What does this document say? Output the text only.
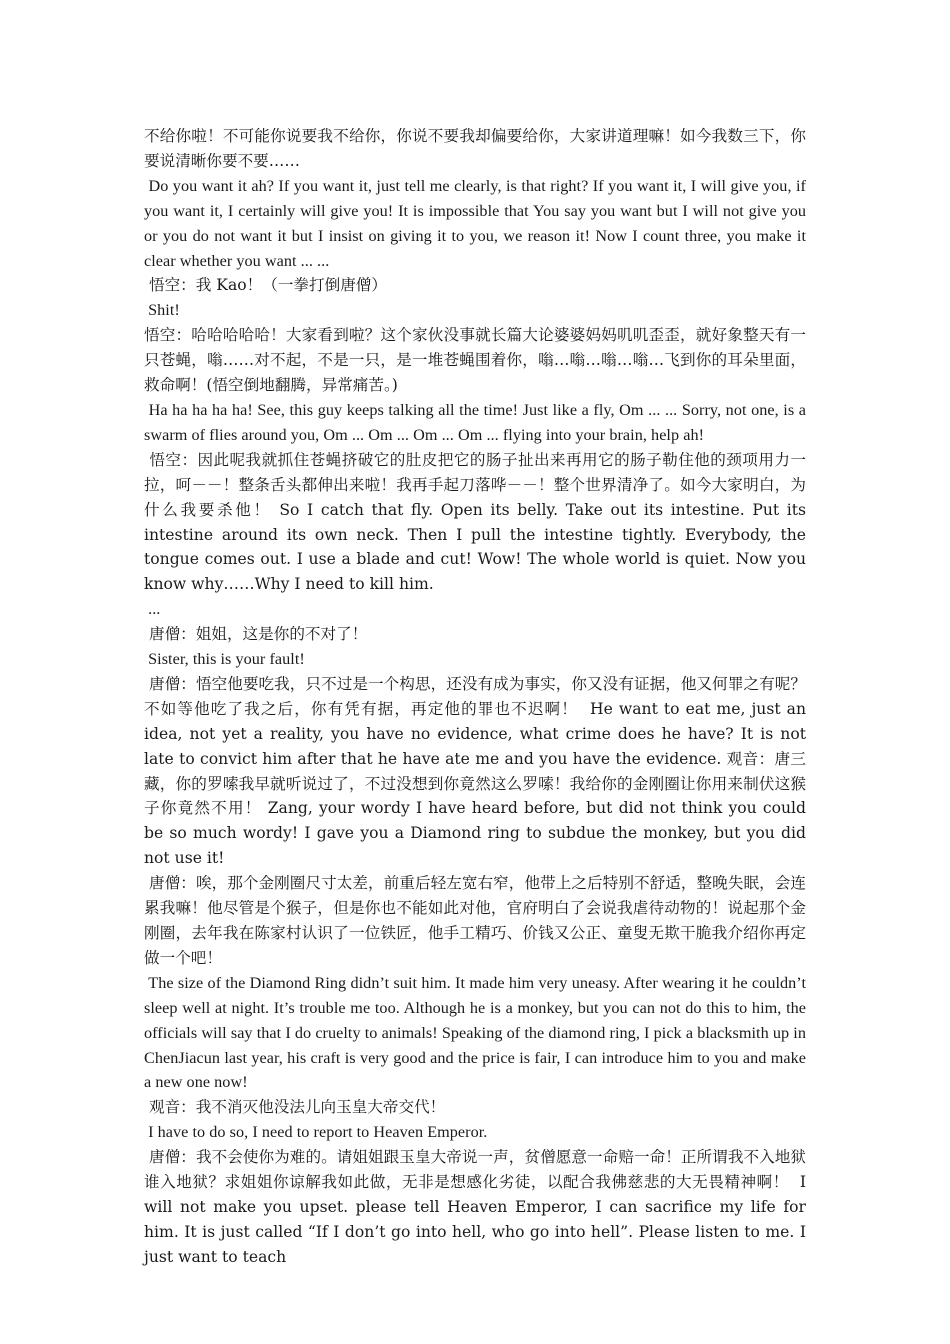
不给你啦！不可能你说要我不给你，你说不要我却偏要给你，大家讲道理嘛！如今我数三下，你要说清晰你要不要……

Do you want it ah? If you want it, just tell me clearly, is that right? If you want it, I will give you, if you want it, I certainly will give you! It is impossible that You say you want but I will not give you or you do not want it but I insist on giving it to you, we reason it! Now I count three, you make it clear whether you want ... ...

悟空：我 Kao！（一拳打倒唐僧）

Shit!

悟空：哈哈哈哈哈！大家看到啦？这个家伙没事就长篇大论婆婆妈妈叽叽歪歪，就好象整天有一只苍蝇，嗡……对不起，不是一只，是一堆苍蝇围着你，嗡…嗡…嗡…嗡…飞到你的耳朵里面，救命啊！(悟空倒地翻腾，异常痛苦。)

Ha ha ha ha ha! See, this guy keeps talking all the time! Just like a fly, Om ... ... Sorry, not one, is a swarm of flies around you, Om ... Om ... Om ... Om ... flying into your brain, help ah!

悟空：因此呢我就抓住苍蝇挤破它的肚皮把它的肠子扯出来再用它的肠子勒住他的颈项用力一拉，呵－－！整条舌头都伸出来啦！我再手起刀落哗－－！整个世界清净了。如今大家明白，为什么我要杀他！ So I catch that fly. Open its belly. Take out its intestine. Put its intestine around its own neck. Then I pull the intestine tightly. Everybody, the tongue comes out. I use a blade and cut! Wow! The whole world is quiet. Now you know why……Why I need to kill him.

...

唐僧：姐姐，这是你的不对了！

Sister, this is your fault!

唐僧：悟空他要吃我，只不过是一个构思，还没有成为事实，你又没有证据，他又何罪之有呢？不如等他吃了我之后，你有凭有据，再定他的罪也不迟啊！  He want to eat me, just an idea, not yet a reality, you have no evidence, what crime does he have? It is not late to convict him after that he have ate me and you have the evidence. 观音：唐三藏，你的罗嗦我早就听说过了，不过没想到你竟然这么罗嗦！我给你的金刚圈让你用来制伏这猴子你竟然不用！ Zang, your wordy I have heard before, but did not think you could be so much wordy! I gave you a Diamond ring to subdue the monkey, but you did not use it!

唐僧：唉，那个金刚圈尺寸太差，前重后轻左宽右窄，他带上之后特别不舒适，整晚失眠，会连累我嘛！他尽管是个猴子，但是你也不能如此对他，官府明白了会说我虐待动物的！说起那个金刚圈，去年我在陈家村认识了一位铁匠，他手工精巧、价钱又公正、童叟无欺干脆我介绍你再定做一个吧！

The size of the Diamond Ring didn’t suit him. It made him very uneasy. After wearing it he couldn’t sleep well at night. It’s trouble me too. Although he is a monkey, but you can not do this to him, the officials will say that I do cruelty to animals! Speaking of the diamond ring, I pick a blacksmith up in ChenJiacun last year, his craft is very good and the price is fair, I can introduce him to you and make a new one now!

观音：我不消灭他没法儿向玉皇大帝交代！

I have to do so, I need to report to Heaven Emperor.

唐僧：我不会使你为难的。请姐姐跟玉皇大帝说一声，贫僧愿意一命赔一命！正所谓我不入地狱谁入地狱？求姐姐你谅解我如此做，无非是想感化劣徒，以配合我佛慈悲的大无畏精神啊！  I will not make you upset. please tell Heaven Emperor, I can sacrifice my life for him. It is just called “If I don’t go into hell, who go into hell”. Please listen to me. I just want to teach
